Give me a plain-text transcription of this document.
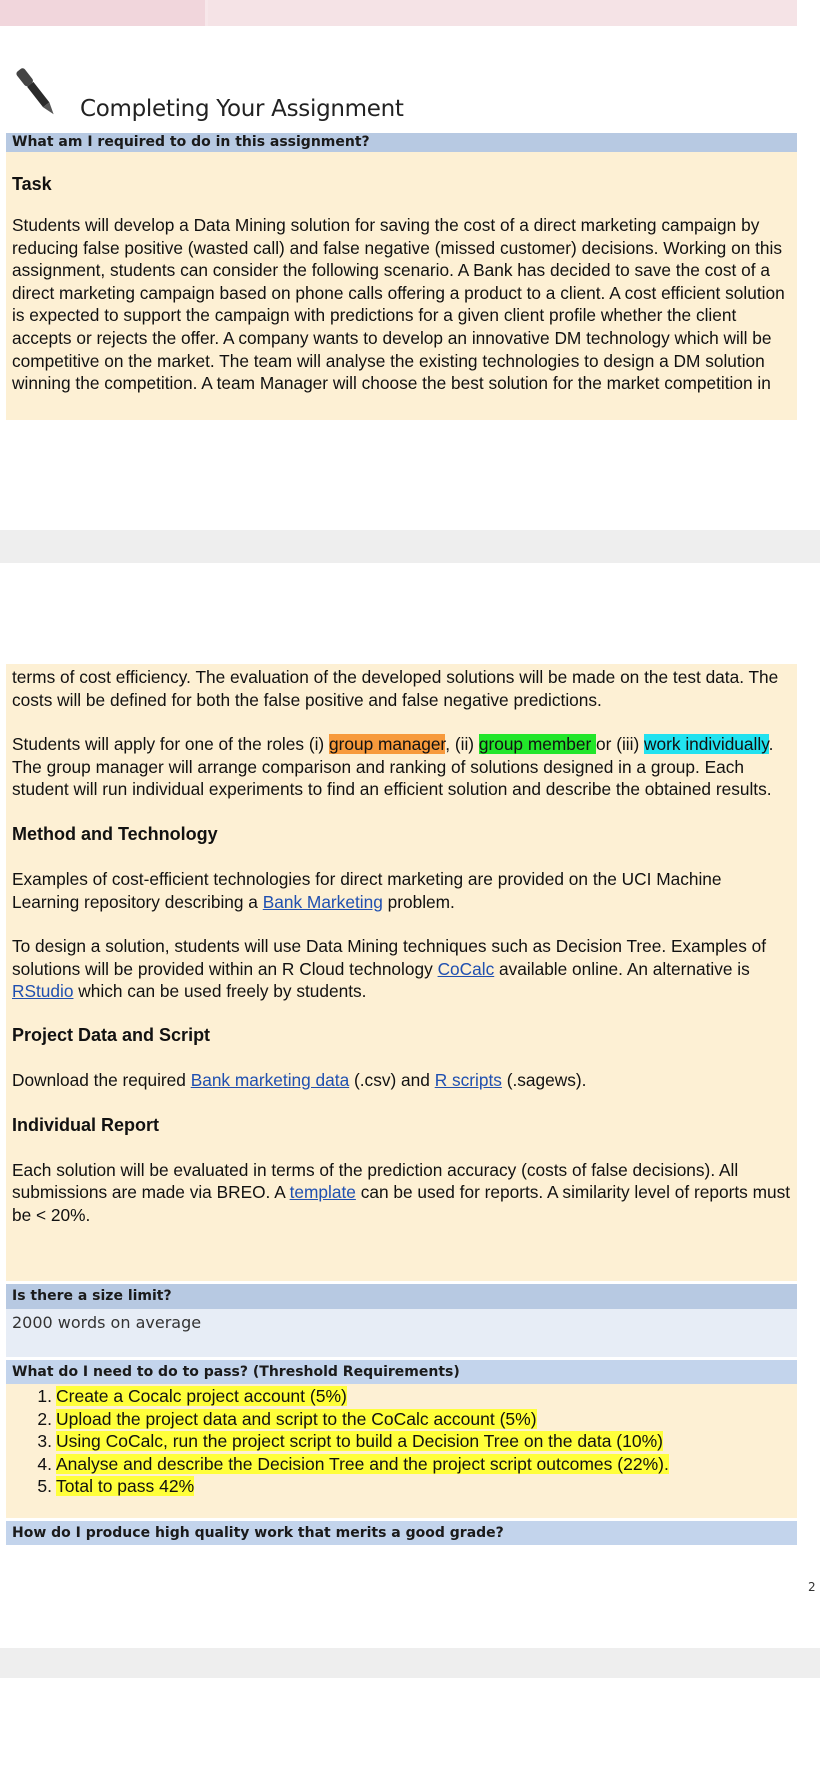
Completing Your Assignment
What am I required to do in this assignment?

Task

Students will develop a Data Mining solution for saving the cost of a direct marketing campaign by reducing false positive (wasted call) and false negative (missed customer) decisions. Working on this assignment, students can consider the following scenario. A Bank has decided to save the cost of a direct marketing campaign based on phone calls offering a product to a client. A cost efficient solution is expected to support the campaign with predictions for a given client profile whether the client accepts or rejects the offer. A company wants to develop an innovative DM technology which will be competitive on the market. The team will analyse the existing technologies to design a DM solution winning the competition. A team Manager will choose the best solution for the market competition in

terms of cost efficiency. The evaluation of the developed solutions will be made on the test data. The costs will be defined for both the false positive and false negative predictions.

Students will apply for one of the roles (i) group manager, (ii) group member or (iii) work individually. The group manager will arrange comparison and ranking of solutions designed in a group. Each student will run individual experiments to find an efficient solution and describe the obtained results.

Method and Technology

Examples of cost-efficient technologies for direct marketing are provided on the UCI Machine Learning repository describing a Bank Marketing problem.

To design a solution, students will use Data Mining techniques such as Decision Tree. Examples of solutions will be provided within an R Cloud technology CoCalc available online. An alternative is RStudio which can be used freely by students.

Project Data and Script

Download the required Bank marketing data (.csv) and R scripts (.sagews).

Individual Report

Each solution will be evaluated in terms of the prediction accuracy (costs of false decisions). All submissions are made via BREO. A template can be used for reports. A similarity level of reports must be < 20%.

Is there a size limit?
2000 words on average
What do I need to do to pass? (Threshold Requirements)
1. Create a Cocalc project account (5%)
2. Upload the project data and script to the CoCalc account (5%)
3. Using CoCalc, run the project script to build a Decision Tree on the data (10%)
4. Analyse and describe the Decision Tree and the project script outcomes (22%).
5. Total to pass 42%
How do I produce high quality work that merits a good grade?
2
